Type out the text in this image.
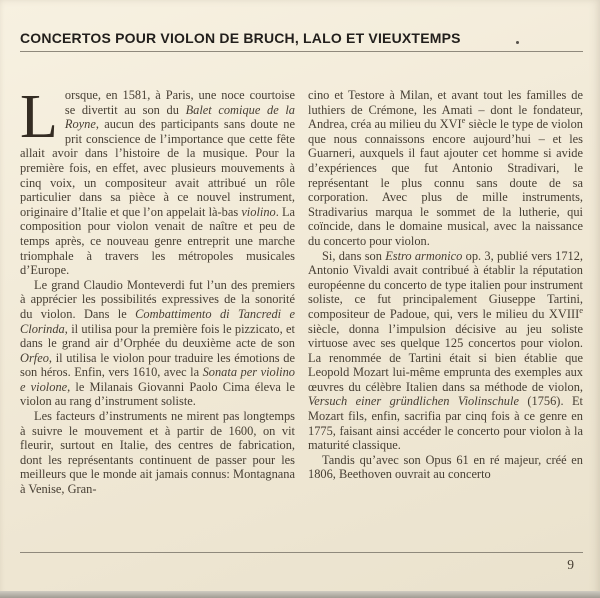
CONCERTOS POUR VIOLON DE BRUCH, LALO ET VIEUXTEMPS

Lorsque, en 1581, à Paris, une noce courtoise se divertit au son du Balet comique de la Royne, aucun des participants sans doute ne prit conscience de l’importance que cette fête allait avoir dans l’histoire de la musique. Pour la première fois, en effet, avec plusieurs mouvements à cinq voix, un compositeur avait attribué un rôle particulier dans sa pièce à ce nouvel instrument, originaire d’Italie et que l’on appelait là-bas violino. La composition pour violon venait de naître et peu de temps après, ce nouveau genre entreprit une marche triomphale à travers les métropoles musicales d’Europe.

Le grand Claudio Monteverdi fut l’un des premiers à apprécier les possibilités expressives de la sonorité du violon. Dans le Combattimento di Tancredi e Clorinda, il utilisa pour la première fois le pizzicato, et dans le grand air d’Orphée du deuxième acte de son Orfeo, il utilisa le violon pour traduire les émotions de son héros. Enfin, vers 1610, avec la Sonata per violino e violone, le Milanais Giovanni Paolo Cima éleva le violon au rang d’instrument soliste.

Les facteurs d’instruments ne mirent pas longtemps à suivre le mouvement et à partir de 1600, on vit fleurir, surtout en Italie, des centres de fabrication, dont les représentants continuent de passer pour les meilleurs que le monde ait jamais connus: Montagnana à Venise, Gran-

cino et Testore à Milan, et avant tout les familles de luthiers de Crémone, les Amati – dont le fondateur, Andrea, créa au milieu du XVIe siècle le type de violon que nous connaissons encore aujourd’hui – et les Guarneri, auxquels il faut ajouter cet homme si avide d’expériences que fut Antonio Stradivari, le représentant le plus connu sans doute de sa corporation. Avec plus de mille instruments, Stradivarius marqua le sommet de la lutherie, qui coïncide, dans le domaine musical, avec la naissance du concerto pour violon.

Si, dans son Estro armonico op. 3, publié vers 1712, Antonio Vivaldi avait contribué à établir la réputation européenne du concerto de type italien pour instrument soliste, ce fut principalement Giuseppe Tartini, compositeur de Padoue, qui, vers le milieu du XVIIIe siècle, donna l’impulsion décisive au jeu soliste virtuose avec ses quelque 125 concertos pour violon. La renommée de Tartini était si bien établie que Leopold Mozart lui-même emprunta des exemples aux œuvres du célèbre Italien dans sa méthode de violon, Versuch einer gründlichen Violinschule (1756). Et Mozart fils, enfin, sacrifia par cinq fois à ce genre en 1775, faisant ainsi accéder le concerto pour violon à la maturité classique.

Tandis qu’avec son Opus 61 en ré majeur, créé en 1806, Beethoven ouvrait au concerto

9
